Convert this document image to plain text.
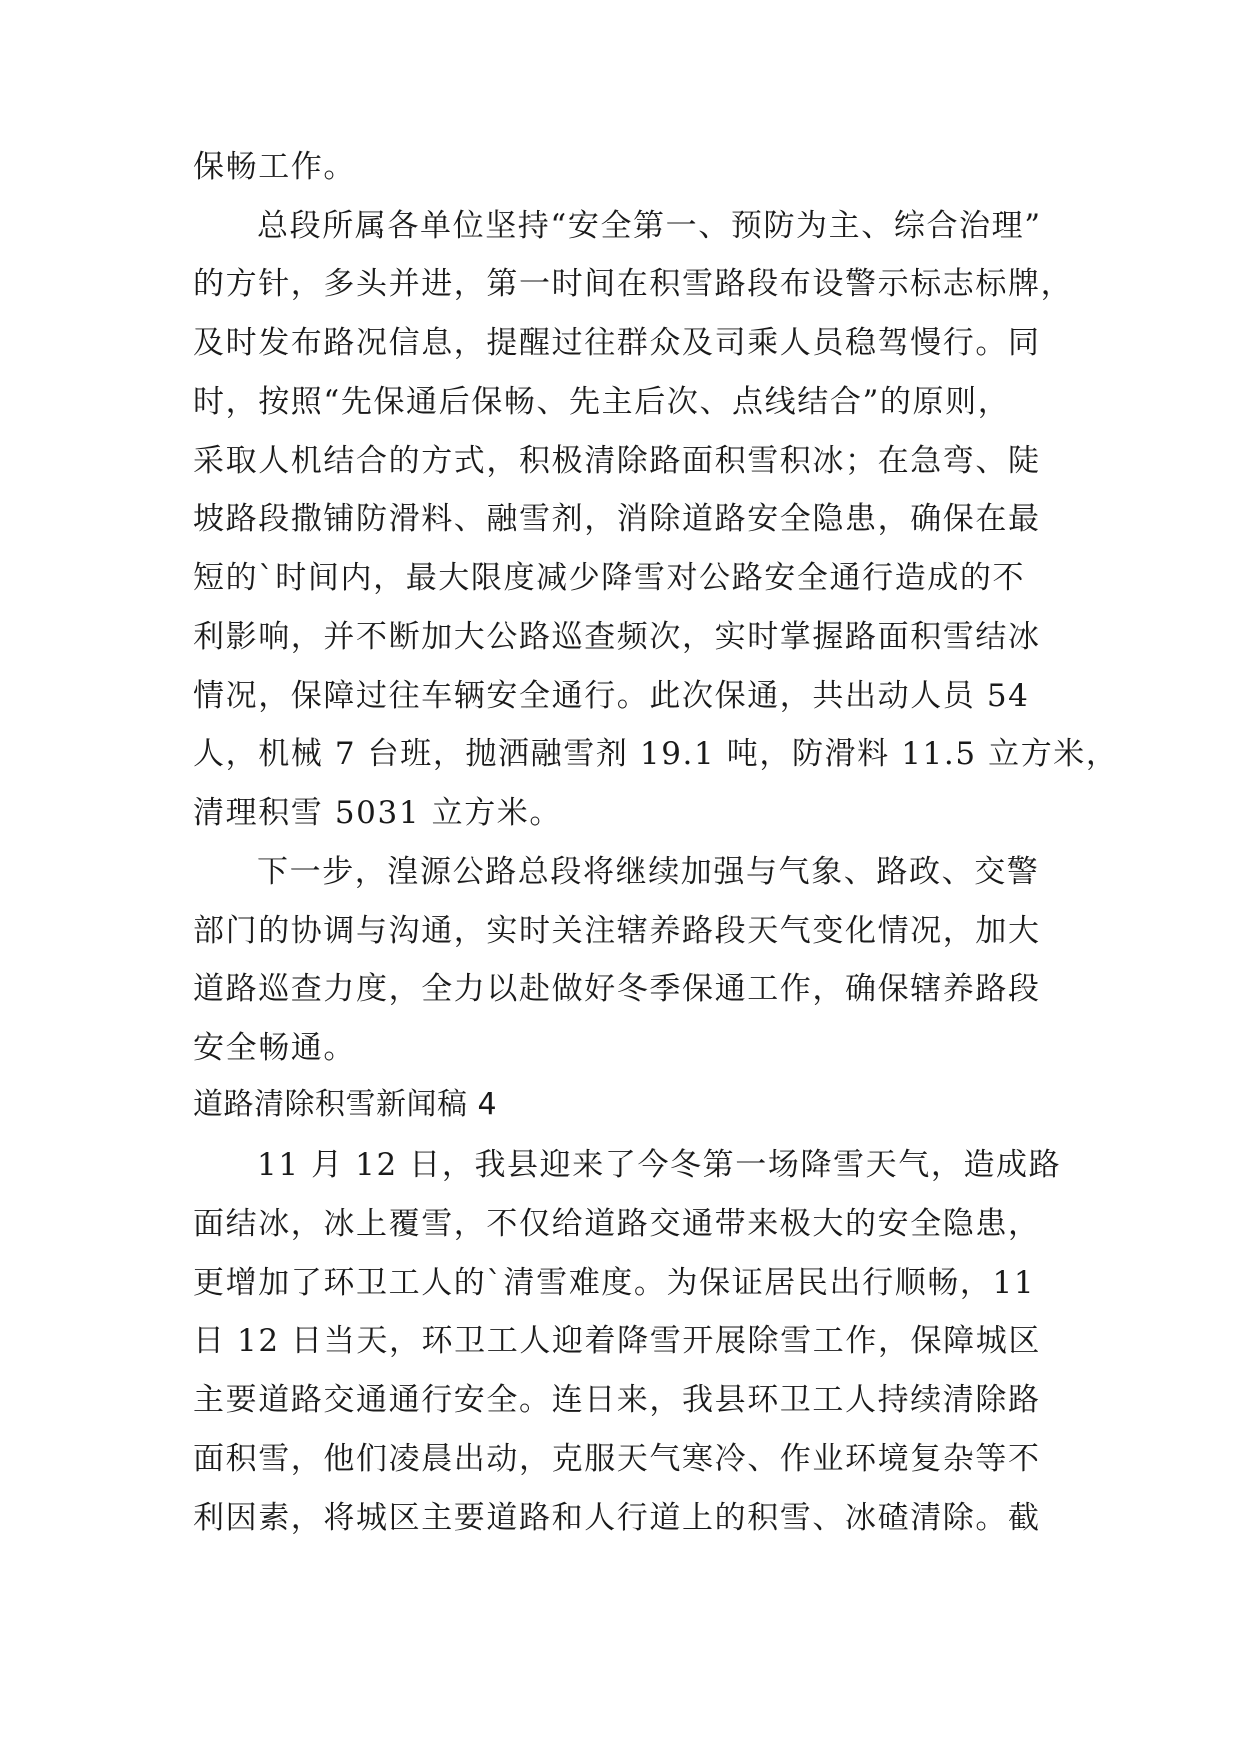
保畅工作。
总段所属各单位坚持“安全第一、预防为主、综合治理”
的方针，多头并进，第一时间在积雪路段布设警示标志标牌，
及时发布路况信息，提醒过往群众及司乘人员稳驾慢行。同
时，按照“先保通后保畅、先主后次、点线结合”的原则，
采取人机结合的方式，积极清除路面积雪积冰；在急弯、陡
坡路段撒铺防滑料、融雪剂，消除道路安全隐患，确保在最
短的`时间内，最大限度减少降雪对公路安全通行造成的不
利影响，并不断加大公路巡查频次，实时掌握路面积雪结冰
情况，保障过往车辆安全通行。此次保通，共出动人员 54
人，机械 7 台班，抛洒融雪剂 19.1 吨，防滑料 11.5 立方米，
清理积雪 5031 立方米。
下一步，湟源公路总段将继续加强与气象、路政、交警
部门的协调与沟通，实时关注辖养路段天气变化情况，加大
道路巡查力度，全力以赴做好冬季保通工作，确保辖养路段
安全畅通。
道路清除积雪新闻稿 4
11 月 12 日，我县迎来了今冬第一场降雪天气，造成路
面结冰，冰上覆雪，不仅给道路交通带来极大的安全隐患，
更增加了环卫工人的`清雪难度。为保证居民出行顺畅，11
日 12 日当天，环卫工人迎着降雪开展除雪工作，保障城区
主要道路交通通行安全。连日来，我县环卫工人持续清除路
面积雪，他们凌晨出动，克服天气寒冷、作业环境复杂等不
利因素，将城区主要道路和人行道上的积雪、冰碴清除。截
